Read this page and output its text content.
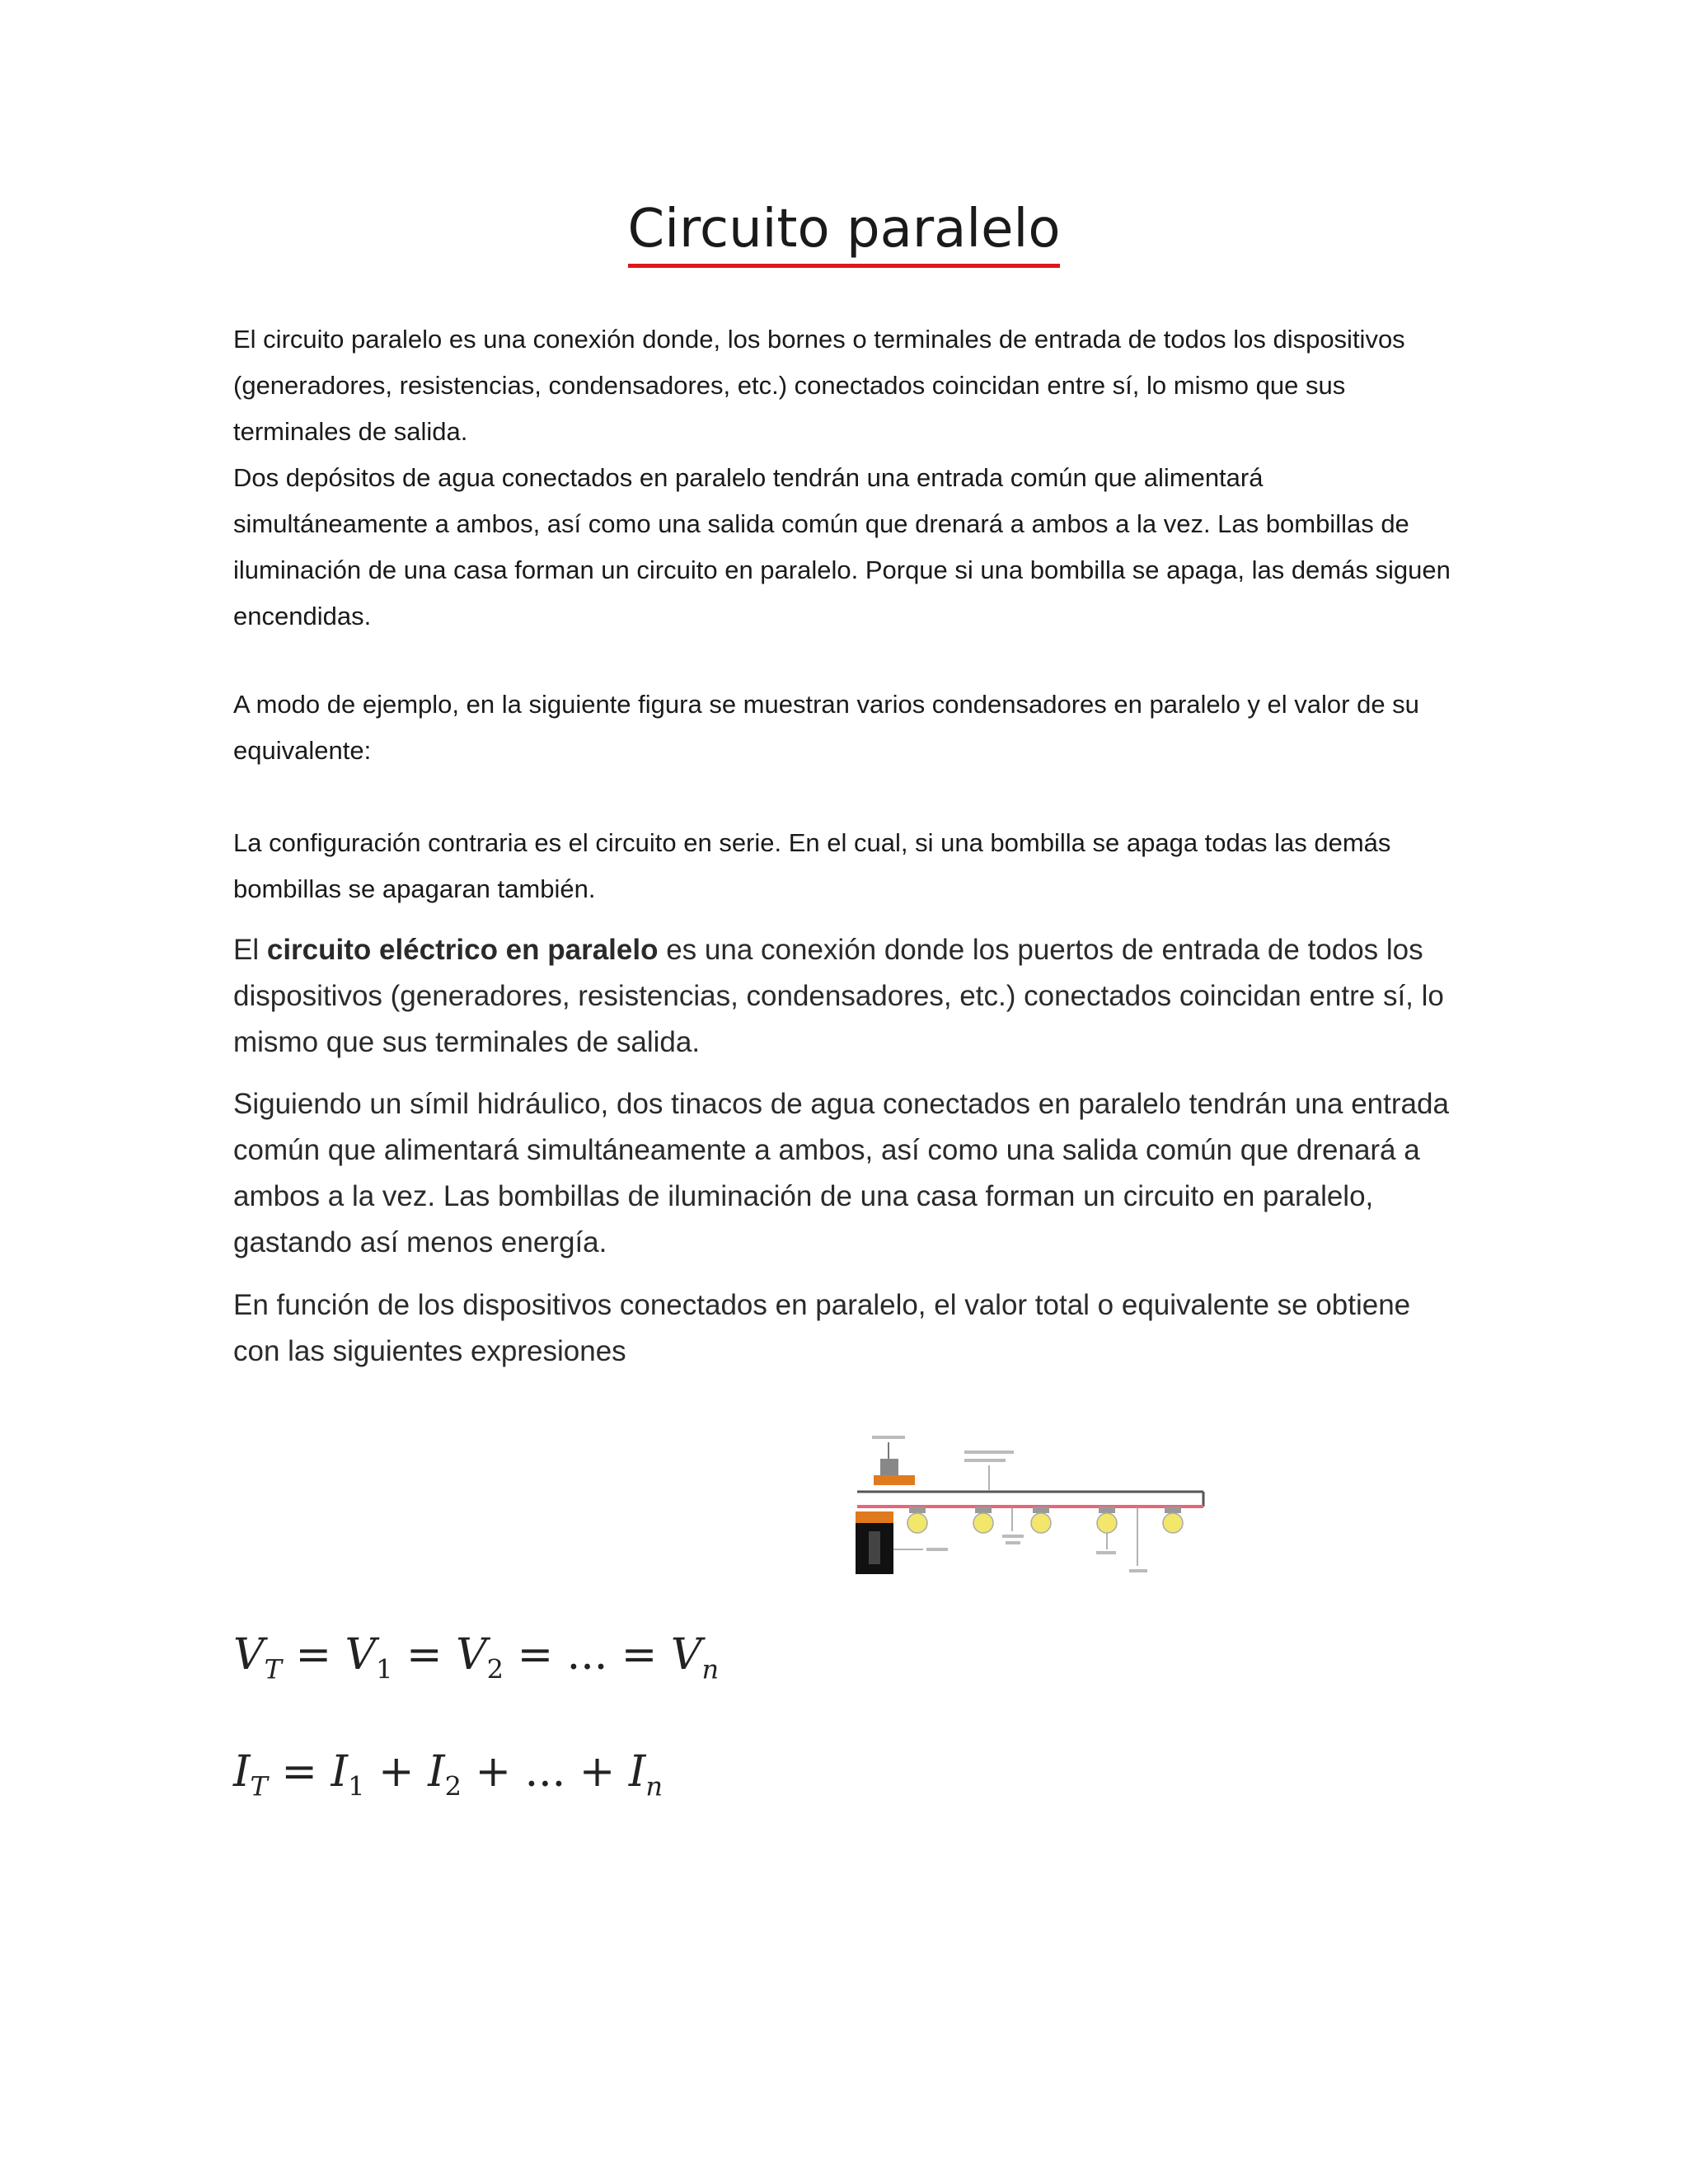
Circuito paralelo

El circuito paralelo es una conexión donde, los bornes o terminales de entrada de todos los dispositivos (generadores, resistencias, condensadores, etc.) conectados coincidan entre sí, lo mismo que sus terminales de salida.

Dos depósitos de agua conectados en paralelo tendrán una entrada común que alimentará simultáneamente a ambos, así como una salida común que drenará a ambos a la vez. Las bombillas de iluminación de una casa forman un circuito en paralelo. Porque si una bombilla se apaga, las demás siguen encendidas.

A modo de ejemplo, en la siguiente figura se muestran varios condensadores en paralelo y el valor de su equivalente:

La configuración contraria es el circuito en serie. En el cual, si una bombilla se apaga todas las demás bombillas se apagaran también.

El circuito eléctrico en paralelo es una conexión donde los puertos de entrada de todos los dispositivos (generadores, resistencias, condensadores, etc.) conectados coincidan entre sí, lo mismo que sus terminales de salida.

Siguiendo un símil hidráulico, dos tinacos de agua conectados en paralelo tendrán una entrada común que alimentará simultáneamente a ambos, así como una salida común que drenará a ambos a la vez. Las bombillas de iluminación de una casa forman un circuito en paralelo, gastando así menos energía.

En función de los dispositivos conectados en paralelo, el valor total o equivalente se obtiene con las siguientes expresiones

$V_T = V_1 = V_2$ = ... = $V_n$
$I_T = I_1 + I_2$ + ... + $I_n$
